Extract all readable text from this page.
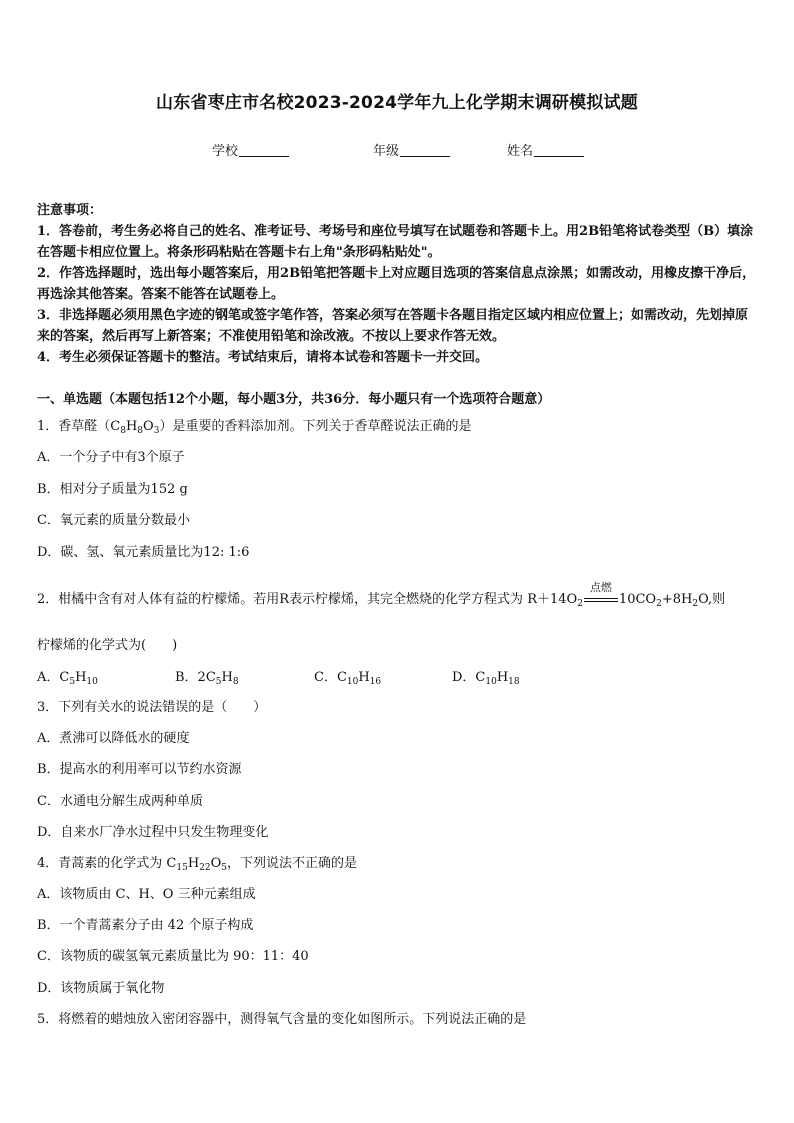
山东省枣庄市名校2023-2024学年九上化学期末调研模拟试题
学校	年级	姓名

注意事项：

1．答卷前，考生务必将自己的姓名、准考证号、考场号和座位号填写在试题卷和答题卡上。用2B铅笔将试卷类型（B）填涂在答题卡相应位置上。将条形码粘贴在答题卡右上角"条形码粘贴处"。

2．作答选择题时，选出每小题答案后，用2B铅笔把答题卡上对应题目选项的答案信息点涂黑；如需改动，用橡皮擦干净后，再选涂其他答案。答案不能答在试题卷上。

3．非选择题必须用黑色字迹的钢笔或签字笔作答，答案必须写在答题卡各题目指定区域内相应位置上；如需改动，先划掉原来的答案，然后再写上新答案；不准使用铅笔和涂改液。不按以上要求作答无效。

4．考生必须保证答题卡的整洁。考试结束后，请将本试卷和答题卡一并交回。

一、单选题（本题包括12个小题，每小题3分，共36分．每小题只有一个选项符合题意）
1．香草醛$(C_8H_8O_3)$是重要的香料添加剂。下列关于香草醛说法正确的是
A．一个分子中有3个原子
B．相对分子质量为152 g
C．氧元素的质量分数最小
D．碳、氢、氧元素质量比为12: 1:6
2．柑橘中含有对人体有益的柠檬烯。若用R表示柠檬烯，其完全燃烧的化学方程式为 $R+14O_2$
点燃
$10CO_2+8H_2O$,则
柠檬烯的化学式为(　　)
A．$C_5H_{10}$	B．$2C_5H_8$	C．$C_{10}H_{16}$	D．$C_{10}H_{18}$
3．下列有关水的说法错误的是（　　）
A．煮沸可以降低水的硬度
B．提高水的利用率可以节约水资源
C．水通电分解生成两种单质
D．自来水厂净水过程中只发生物理变化
4．青蒿素的化学式为 $C_{15}H_{22}O_5$，下列说法不正确的是
A．该物质由 C、H、O 三种元素组成
B．一个青蒿素分子由 42 个原子构成
C．该物质的碳氢氧元素质量比为 90：11：40
D．该物质属于氧化物
5．将燃着的蜡烛放入密闭容器中，测得氧气含量的变化如图所示。下列说法正确的是
